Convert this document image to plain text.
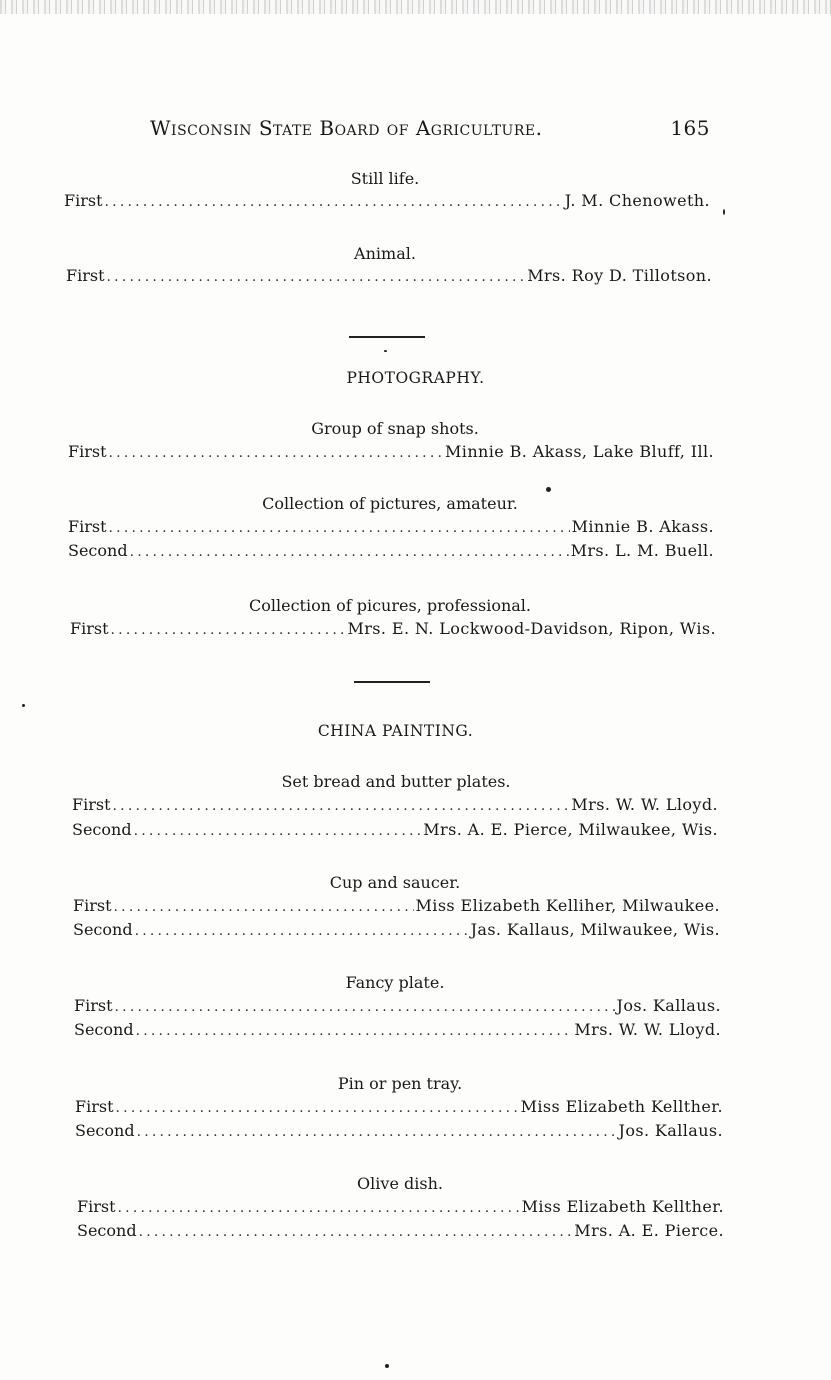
Wisconsin State Board of Agriculture.	165
Still life.
First .....	J. M. Chenoweth.
Animal.
First .....	Mrs. Roy D. Tillotson.
PHOTOGRAPHY.
Group of snap shots.
First .....	Minnie B. Akass, Lake Bluff, Ill.
Collection of pictures, amateur.
First .....	Minnie B. Akass.
Second .....	Mrs. L. M. Buell.
Collection of picures, professional.
First .....	Mrs. E. N. Lockwood-Davidson, Ripon, Wis.
CHINA PAINTING.
Set bread and butter plates.
First .....	Mrs. W. W. Lloyd.
Second .....	Mrs. A. E. Pierce, Milwaukee, Wis.
Cup and saucer.
First .....	Miss Elizabeth Kelliher, Milwaukee.
Second .....	Jas. Kallaus, Milwaukee, Wis.
Fancy plate.
First .....	Jos. Kallaus.
Second .....	Mrs. W. W. Lloyd.
Pin or pen tray.
First .....	Miss Elizabeth Kellther.
Second .....	Jos. Kallaus.
Olive dish.
First .....	Miss Elizabeth Kellther.
Second .....	Mrs. A. E. Pierce.
